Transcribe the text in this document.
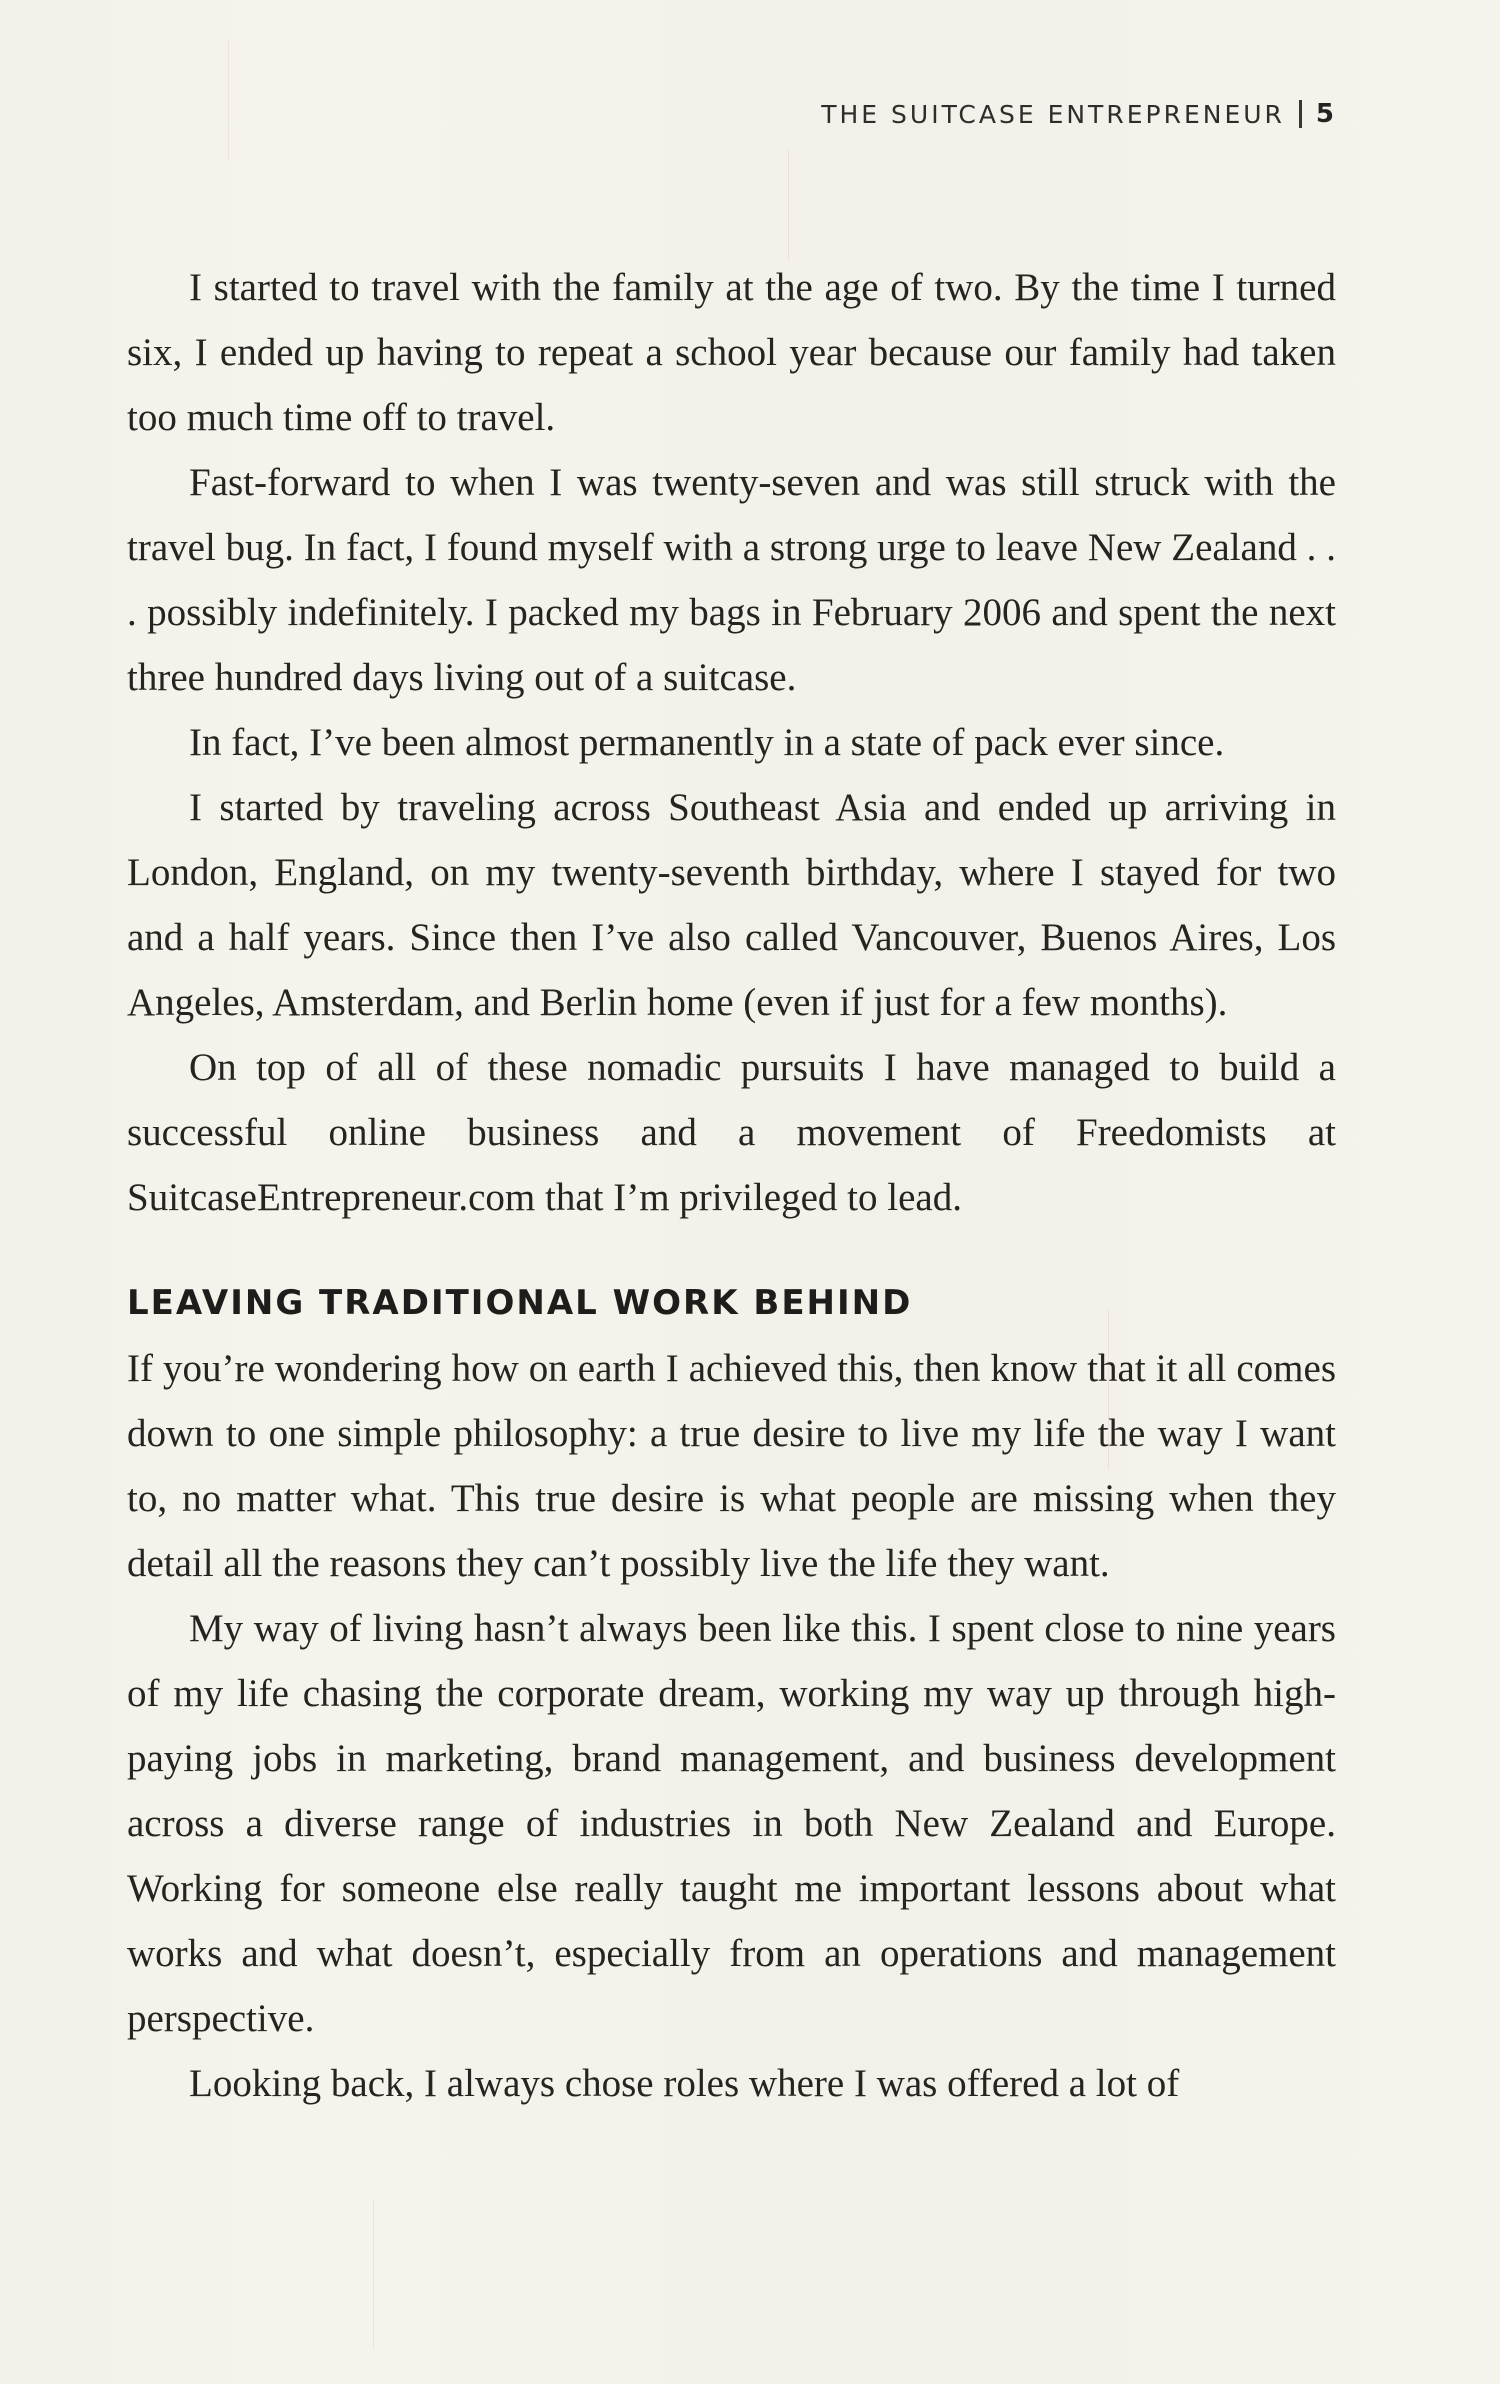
THE SUITCASE ENTREPRENEUR 5

I started to travel with the family at the age of two. By the time I turned six, I ended up having to repeat a school year because our family had taken too much time off to travel.

Fast-forward to when I was twenty-seven and was still struck with the travel bug. In fact, I found myself with a strong urge to leave New Zealand . . . possibly indefinitely. I packed my bags in February 2006 and spent the next three hundred days living out of a suitcase.

In fact, I’ve been almost permanently in a state of pack ever since.

I started by traveling across Southeast Asia and ended up arriving in London, England, on my twenty-seventh birthday, where I stayed for two and a half years. Since then I’ve also called Vancouver, Buenos Aires, Los Angeles, Amsterdam, and Berlin home (even if just for a few months).

On top of all of these nomadic pursuits I have managed to build a successful online business and a movement of Freedomists at SuitcaseEntrepreneur.com that I’m privileged to lead.

LEAVING TRADITIONAL WORK BEHIND

If you’re wondering how on earth I achieved this, then know that it all comes down to one simple philosophy: a true desire to live my life the way I want to, no matter what. This true desire is what people are missing when they detail all the reasons they can’t possibly live the life they want.

My way of living hasn’t always been like this. I spent close to nine years of my life chasing the corporate dream, working my way up through high-paying jobs in marketing, brand management, and business development across a diverse range of industries in both New Zealand and Europe. Working for someone else really taught me important lessons about what works and what doesn’t, especially from an operations and management perspective.

Looking back, I always chose roles where I was offered a lot of
